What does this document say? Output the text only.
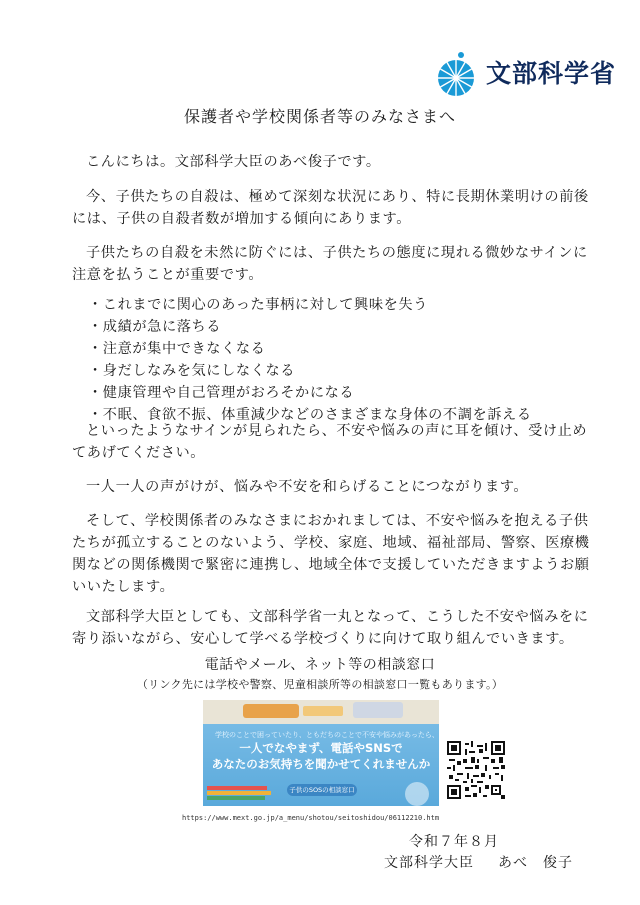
文部科学省
保護者や学校関係者等のみなさまへ

こんにちは。文部科学大臣のあべ俊子です。

今、子供たちの自殺は、極めて深刻な状況にあり、特に長期休業明けの前後には、子供の自殺者数が増加する傾向にあります。

子供たちの自殺を未然に防ぐには、子供たちの態度に現れる微妙なサインに注意を払うことが重要です。

・これまでに関心のあった事柄に対して興味を失う
・成績が急に落ちる
・注意が集中できなくなる
・身だしなみを気にしなくなる
・健康管理や自己管理がおろそかになる
・不眠、食欲不振、体重減少などのさまざまな身体の不調を訴える

といったようなサインが見られたら、不安や悩みの声に耳を傾け、受け止めてあげてください。

一人一人の声がけが、悩みや不安を和らげることにつながります。

そして、学校関係者のみなさまにおかれましては、不安や悩みを抱える子供たちが孤立することのないよう、学校、家庭、地域、福祉部局、警察、医療機関などの関係機関で緊密に連携し、地域全体で支援していただきますようお願いいたします。

文部科学大臣としても、文部科学省一丸となって、こうした不安や悩みをに寄り添いながら、安心して学べる学校づくりに向けて取り組んでいきます。

電話やメール、ネット等の相談窓口
（リンク先には学校や警察、児童相談所等の相談窓口一覧もあります。）
学校のことで困っていたり、ともだちのことで不安や悩みがあったら、
一人でなやまず、電話やSNSで
あなたのお気持ちを聞かせてくれませんか
子供のSOSの相談窓口
https://www.mext.go.jp/a_menu/shotou/seitoshidou/06112210.htm
令和７年８月
文部科学大臣 あべ　俊子
